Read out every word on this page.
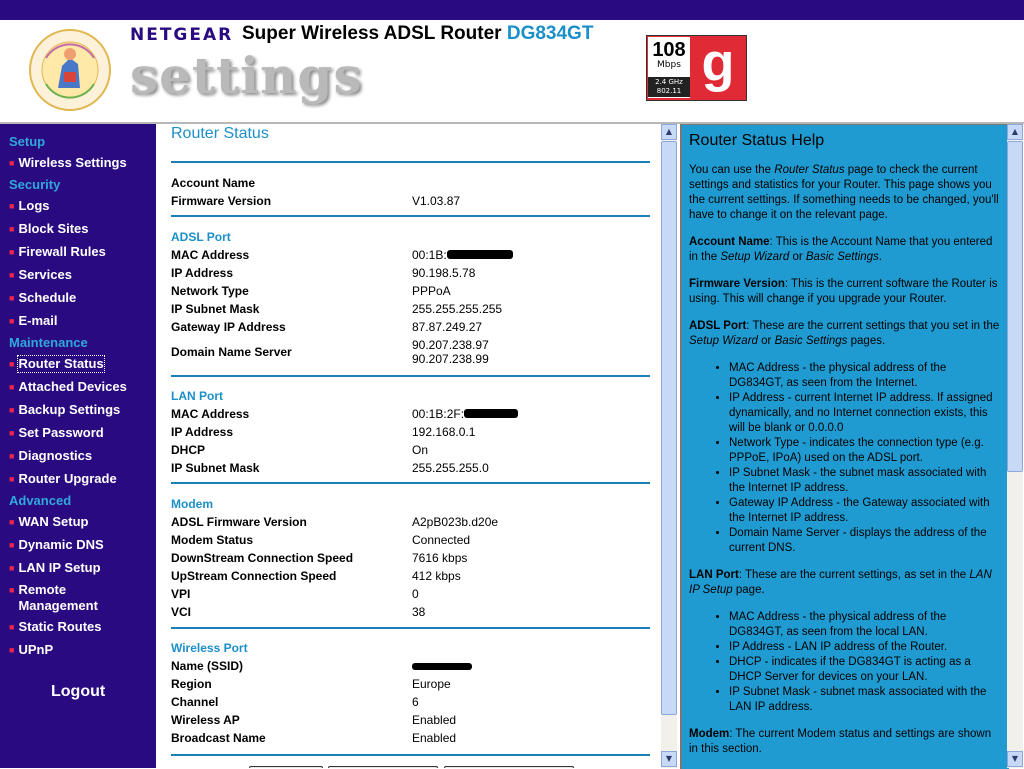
NETGEAR Super Wireless ADSL Router DG834GT
settings	108
Mbps
2.4 GHz
802.11 g
Setup
■ Wireless Settings
Security
■ Logs
■ Block Sites
■ Firewall Rules
■ Services
■ Schedule
■ E-mail
Maintenance
■ Router Status
■ Attached Devices
■ Backup Settings
■ Set Password
■ Diagnostics
■ Router Upgrade
Advanced
■ WAN Setup
■ Dynamic DNS
■ LAN IP Setup
■ Remote Management
■ Static Routes
■ UPnP
Logout
Router Status
Account Name
Firmware Version	V1.03.87
ADSL Port
MAC Address	00:1B:
IP Address	90.198.5.78
Network Type	PPPoA
IP Subnet Mask	255.255.255.255
Gateway IP Address	87.87.249.27
Domain Name Server	90.207.238.97
90.207.238.99
LAN Port
MAC Address	00:1B:2F:
IP Address	192.168.0.1
DHCP	On
IP Subnet Mask	255.255.255.0
Modem
ADSL Firmware Version	A2pB023b.d20e
Modem Status	Connected
DownStream Connection Speed	7616 kbps
UpStream Connection Speed	412 kbps
VPI	0
VCI	38
Wireless Port
Name (SSID)
Region	Europe
Channel	6
Wireless AP	Enabled
Broadcast Name	Enabled
▲
▼
Router Status Help

You can use the Router Status page to check the current settings and statistics for your Router. This page shows you the current settings. If something needs to be changed, you'll have to change it on the relevant page.

Account Name: This is the Account Name that you entered in the Setup Wizard or Basic Settings.

Firmware Version: This is the current software the Router is using. This will change if you upgrade your Router.

ADSL Port: These are the current settings that you set in the Setup Wizard or Basic Settings pages.

• MAC Address - the physical address of the DG834GT, as seen from the Internet.
• IP Address - current Internet IP address. If assigned dynamically, and no Internet connection exists, this will be blank or 0.0.0.0
• Network Type - indicates the connection type (e.g. PPPoE, IPoA) used on the ADSL port.
• IP Subnet Mask - the subnet mask associated with the Internet IP address.
• Gateway IP Address - the Gateway associated with the Internet IP address.
• Domain Name Server - displays the address of the current DNS.

LAN Port: These are the current settings, as set in the LAN IP Setup page.

• MAC Address - the physical address of the DG834GT, as seen from the local LAN.
• IP Address - LAN IP address of the Router.
• DHCP - indicates if the DG834GT is acting as a DHCP Server for devices on your LAN.
• IP Subnet Mask - subnet mask associated with the LAN IP address.

Modem: The current Modem status and settings are shown in this section.

▲
▼
